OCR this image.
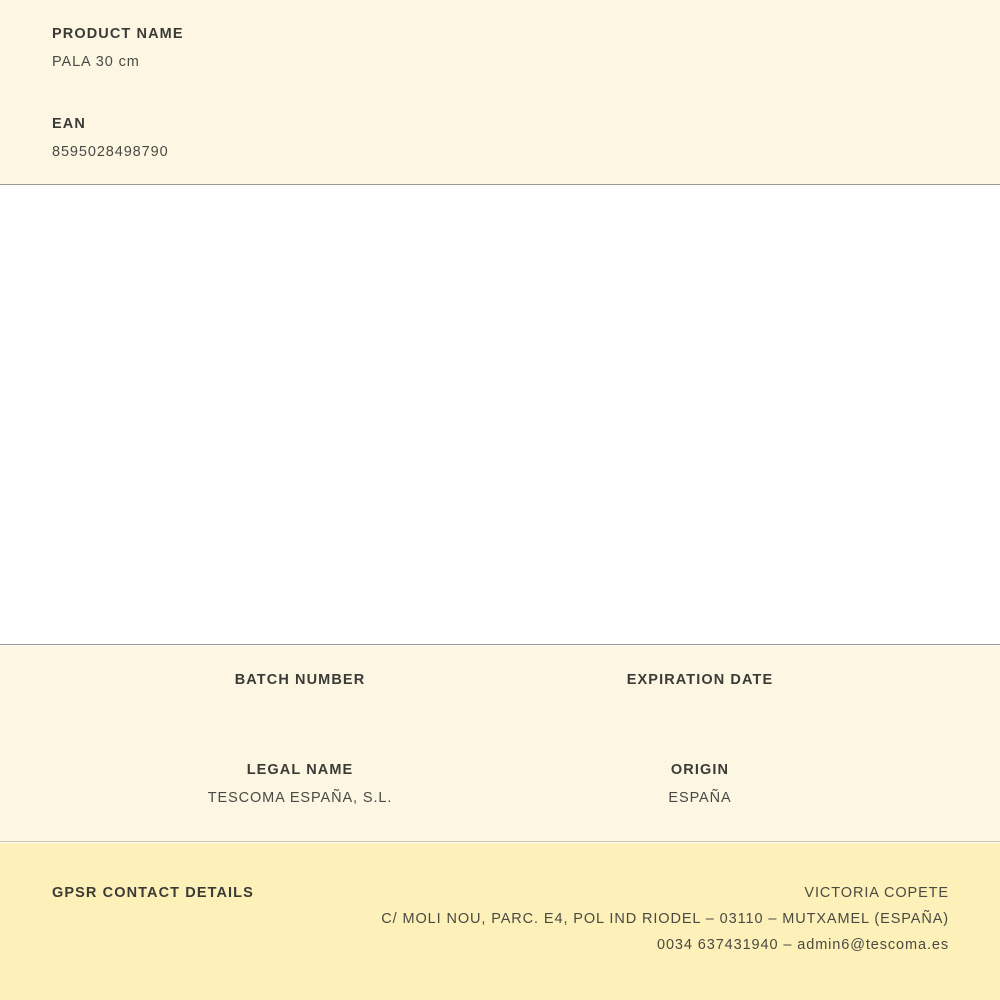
PRODUCT NAME
PALA 30 cm
EAN
8595028498790
BATCH NUMBER	EXPIRATION DATE
LEGAL NAME
TESCOMA ESPAÑA, S.L.
ORIGIN
ESPAÑA
GPSR CONTACT DETAILS	VICTORIA COPETE
C/ MOLI NOU, PARC. E4, POL IND RIODEL – 03110 – MUTXAMEL (ESPAÑA)
0034 637431940 – admin6@tescoma.es
